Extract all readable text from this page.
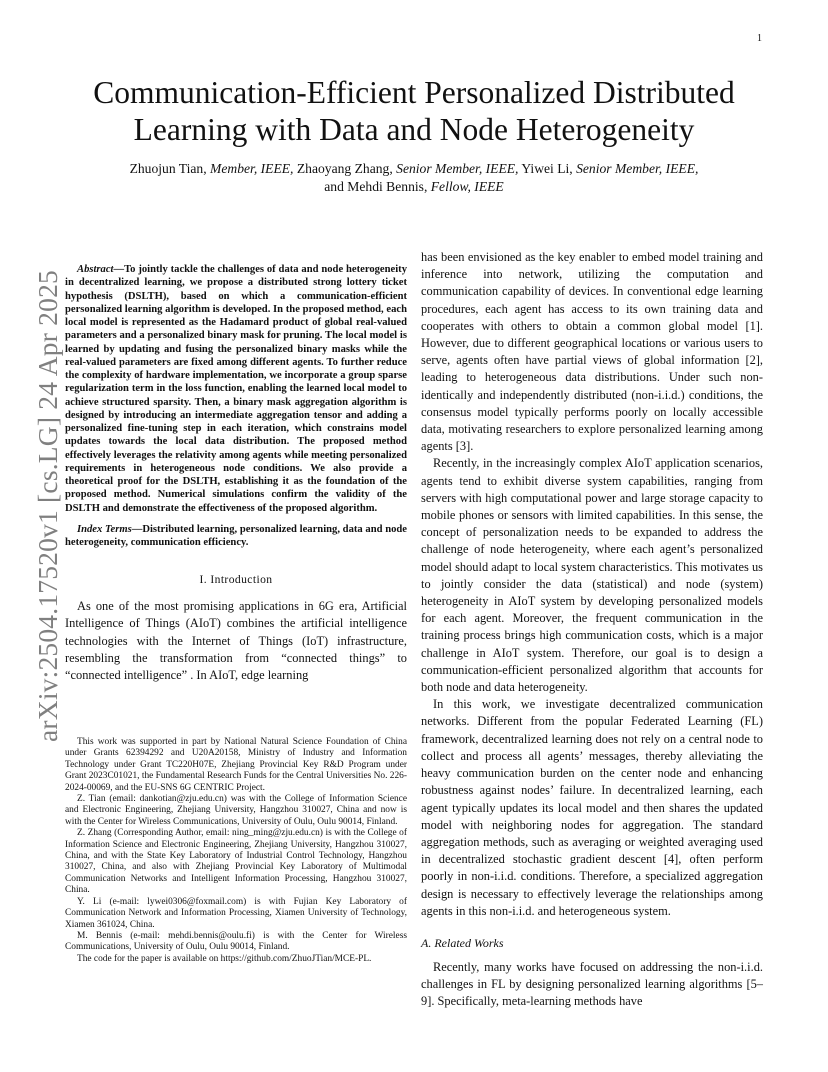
1
arXiv:2504.17520v1 [cs.LG] 24 Apr 2025
Communication-Efficient Personalized Distributed
Learning with Data and Node Heterogeneity
Zhuojun Tian, Member, IEEE, Zhaoyang Zhang, Senior Member, IEEE, Yiwei Li, Senior Member, IEEE,
and Mehdi Bennis, Fellow, IEEE

Abstract—To jointly tackle the challenges of data and node heterogeneity in decentralized learning, we propose a distributed strong lottery ticket hypothesis (DSLTH), based on which a communication-efficient personalized learning algorithm is developed. In the proposed method, each local model is represented as the Hadamard product of global real-valued parameters and a personalized binary mask for pruning. The local model is learned by updating and fusing the personalized binary masks while the real-valued parameters are fixed among different agents. To further reduce the complexity of hardware implementation, we incorporate a group sparse regularization term in the loss function, enabling the learned local model to achieve structured sparsity. Then, a binary mask aggregation algorithm is designed by introducing an intermediate aggregation tensor and adding a personalized fine-tuning step in each iteration, which constrains model updates towards the local data distribution. The proposed method effectively leverages the relativity among agents while meeting personalized requirements in heterogeneous node conditions. We also provide a theoretical proof for the DSLTH, establishing it as the foundation of the proposed method. Numerical simulations confirm the validity of the DSLTH and demonstrate the effectiveness of the proposed algorithm.

Index Terms—Distributed learning, personalized learning, data and node heterogeneity, communication efficiency.

I. Introduction

As one of the most promising applications in 6G era, Artificial Intelligence of Things (AIoT) combines the artificial intelligence technologies with the Internet of Things (IoT) infrastructure, resembling the transformation from “connected things” to “connected intelligence” . In AIoT, edge learning

This work was supported in part by National Natural Science Foundation of China under Grants 62394292 and U20A20158, Ministry of Industry and Information Technology under Grant TC220H07E, Zhejiang Provincial Key R&D Program under Grant 2023C01021, the Fundamental Research Funds for the Central Universities No. 226-2024-00069, and the EU-SNS 6G CENTRIC Project.

Z. Tian (email: dankotian@zju.edu.cn) was with the College of Information Science and Electronic Engineering, Zhejiang University, Hangzhou 310027, China and now is with the Center for Wireless Communications, University of Oulu, Oulu 90014, Finland.

Z. Zhang (Corresponding Author, email: ning_ming@zju.edu.cn) is with the College of Information Science and Electronic Engineering, Zhejiang University, Hangzhou 310027, China, and with the State Key Laboratory of Industrial Control Technology, Hangzhou 310027, China, and also with Zhejiang Provincial Key Laboratory of Multimodal Communication Networks and Intelligent Information Processing, Hangzhou 310027, China.

Y. Li (e-mail: lywei0306@foxmail.com) is with Fujian Key Laboratory of Communication Network and Information Processing, Xiamen University of Technology, Xiamen 361024, China.

M. Bennis (e-mail: mehdi.bennis@oulu.fi) is with the Center for Wireless Communications, University of Oulu, Oulu 90014, Finland.

The code for the paper is available on https://github.com/ZhuoJTian/MCE-PL.

has been envisioned as the key enabler to embed model training and inference into network, utilizing the computation and communication capability of devices. In conventional edge learning procedures, each agent has access to its own training data and cooperates with others to obtain a common global model [1]. However, due to different geographical locations or various users to serve, agents often have partial views of global information [2], leading to heterogeneous data distributions. Under such non-identically and independently distributed (non-i.i.d.) conditions, the consensus model typically performs poorly on locally accessible data, motivating researchers to explore personalized learning among agents [3].

Recently, in the increasingly complex AIoT application scenarios, agents tend to exhibit diverse system capabilities, ranging from servers with high computational power and large storage capacity to mobile phones or sensors with limited capabilities. In this sense, the concept of personalization needs to be expanded to address the challenge of node heterogeneity, where each agent’s personalized model should adapt to local system characteristics. This motivates us to jointly consider the data (statistical) and node (system) heterogeneity in AIoT system by developing personalized models for each agent. Moreover, the frequent communication in the training process brings high communication costs, which is a major challenge in AIoT system. Therefore, our goal is to design a communication-efficient personalized algorithm that accounts for both node and data heterogeneity.

In this work, we investigate decentralized communication networks. Different from the popular Federated Learning (FL) framework, decentralized learning does not rely on a central node to collect and process all agents’ messages, thereby alleviating the heavy communication burden on the center node and enhancing robustness against nodes’ failure. In decentralized learning, each agent typically updates its local model and then shares the updated model with neighboring nodes for aggregation. The standard aggregation methods, such as averaging or weighted averaging used in decentralized stochastic gradient descent [4], often perform poorly in non-i.i.d. conditions. Therefore, a specialized aggregation design is necessary to effectively leverage the relationships among agents in this non-i.i.d. and heterogeneous system.

A. Related Works

Recently, many works have focused on addressing the non-i.i.d. challenges in FL by designing personalized learning algorithms [5–9]. Specifically, meta-learning methods have
